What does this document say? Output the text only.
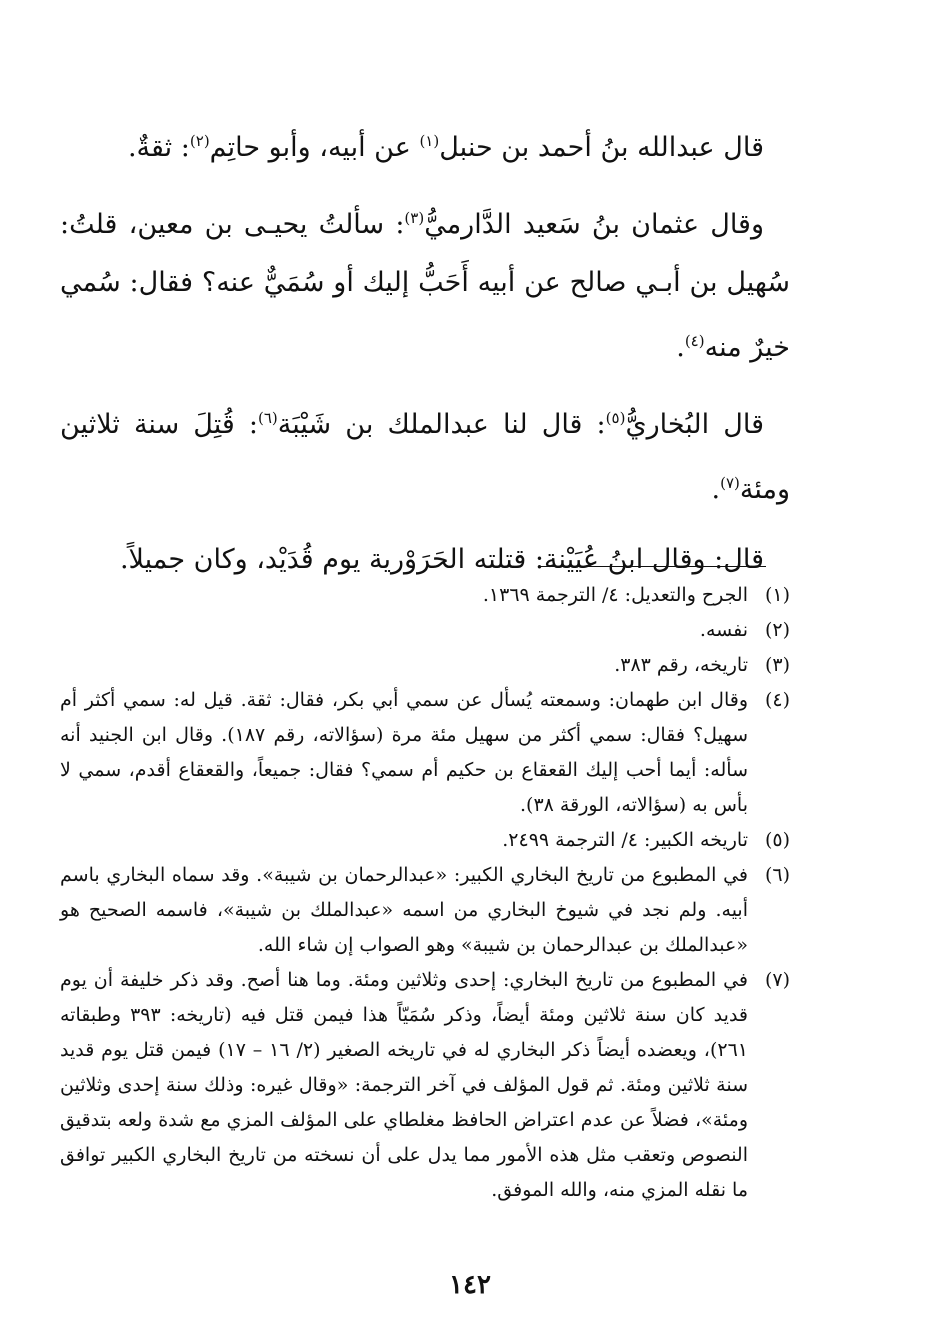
قال عبدالله بنُ أحمد بن حنبل$^{(١)}$ عن أبيه، وأبو حاتِم$^{(٢)}$: ثقةٌ.

وقال عثمان بنُ سَعيد الدَّارميُّ$^{(٣)}$: سألتُ يحيـى بن معين، قلتُ: سُهيل بن أبـي صالح عن أبيه أَحَبُّ إليك أو سُمَيٌّ عنه؟ فقال: سُمي خيرٌ منه$^{(٤)}$.

قال البُخاريُّ$^{(٥)}$: قال لنا عبدالملك بن شَيْبَة$^{(٦)}$: قُتِلَ سنة ثلاثين ومئة$^{(٧)}$.

قال: وقال ابنُ عُيَيْنة: قتلته الحَرَوْرية يوم قُدَيْد، وكان جميلاً.

(١)
الجرح والتعديل: ٤/ الترجمة ١٣٦٩.
(٢)
نفسه.
(٣)
تاريخه، رقم ٣٨٣.
(٤)
وقال ابن طهمان: وسمعته يُسأل عن سمي أبي بكر، فقال: ثقة. قيل له: سمي أكثر أم سهيل؟ فقال: سمي أكثر من سهيل مئة مرة (سؤالاته، رقم ١٨٧). وقال ابن الجنيد أنه سأله: أيما أحب إليك القعقاع بن حكيم أم سمي؟ فقال: جميعاً، والقعقاع أقدم، سمي لا بأس به (سؤالاته، الورقة ٣٨).
(٥)
تاريخه الكبير: ٤/ الترجمة ٢٤٩٩.
(٦)
في المطبوع من تاريخ البخاري الكبير: «عبدالرحمان بن شيبة». وقد سماه البخاري باسم أبيه. ولم نجد في شيوخ البخاري من اسمه «عبدالملك بن شيبة»، فاسمه الصحيح هو «عبدالملك بن عبدالرحمان بن شيبة» وهو الصواب إن شاء الله.
(٧)
في المطبوع من تاريخ البخاري: إحدى وثلاثين ومئة. وما هنا أصح. وقد ذكر خليفة أن يوم قديد كان سنة ثلاثين ومئة أيضاً، وذكر سُمَيّاً هذا فيمن قتل فيه (تاريخه: ٣٩٣ وطبقاته ٢٦١)، ويعضده أيضاً ذكر البخاري له في تاريخه الصغير (٢/ ١٦ – ١٧) فيمن قتل يوم قديد سنة ثلاثين ومئة. ثم قول المؤلف في آخر الترجمة: «وقال غيره: وذلك سنة إحدى وثلاثين ومئة»، فضلاً عن عدم اعتراض الحافظ مغلطاي على المؤلف المزي مع شدة ولعه بتدقيق النصوص وتعقب مثل هذه الأمور مما يدل على أن نسخته من تاريخ البخاري الكبير توافق ما نقله المزي منه، والله الموفق.
١٤٢
